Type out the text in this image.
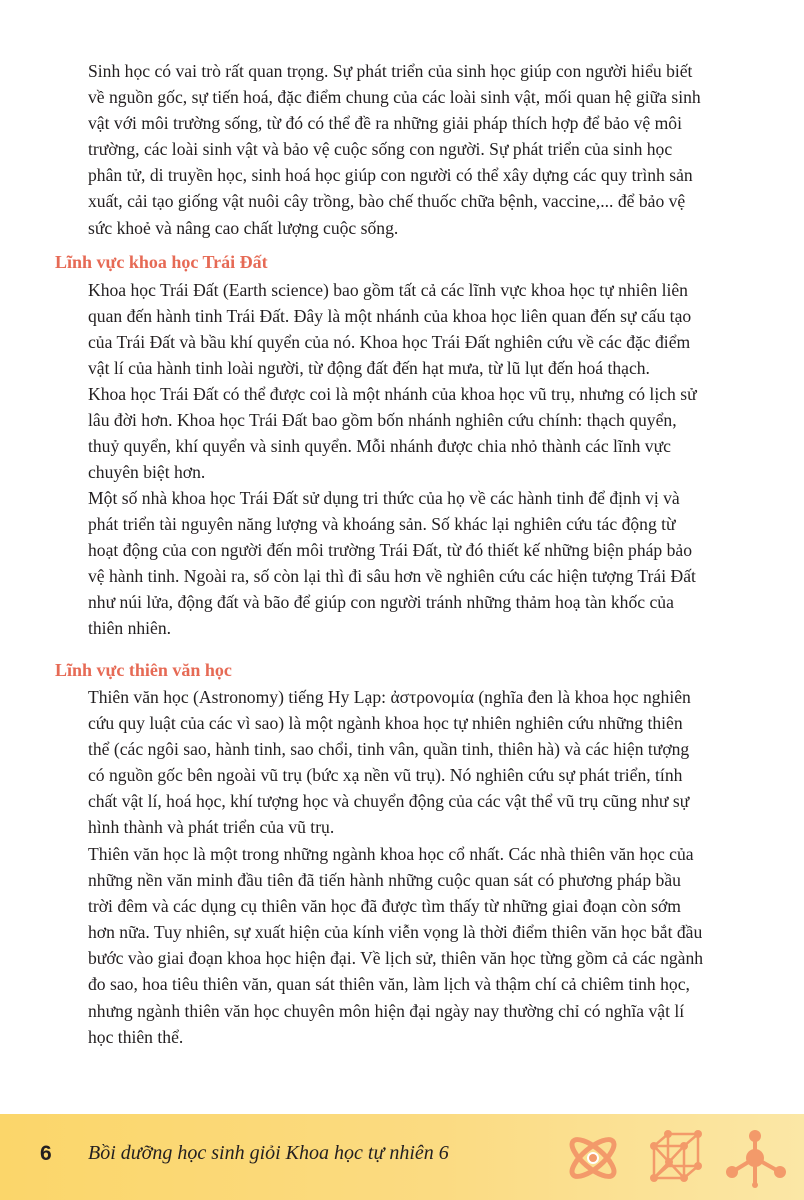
Sinh học có vai trò rất quan trọng. Sự phát triển của sinh học giúp con người hiểu biết
về nguồn gốc, sự tiến hoá, đặc điểm chung của các loài sinh vật, mối quan hệ giữa sinh
vật với môi trường sống, từ đó có thể đề ra những giải pháp thích hợp để bảo vệ môi
trường, các loài sinh vật và bảo vệ cuộc sống con người. Sự phát triển của sinh học
phân tử, di truyền học, sinh hoá học giúp con người có thể xây dựng các quy trình sản
xuất, cải tạo giống vật nuôi cây trồng, bào chế thuốc chữa bệnh, vaccine,... để bảo vệ
sức khoẻ và nâng cao chất lượng cuộc sống.
Lĩnh vực khoa học Trái Đất
Khoa học Trái Đất (Earth science) bao gồm tất cả các lĩnh vực khoa học tự nhiên liên
quan đến hành tinh Trái Đất. Đây là một nhánh của khoa học liên quan đến sự cấu tạo
của Trái Đất và bầu khí quyển của nó. Khoa học Trái Đất nghiên cứu về các đặc điểm
vật lí của hành tinh loài người, từ động đất đến hạt mưa, từ lũ lụt đến hoá thạch.
Khoa học Trái Đất có thể được coi là một nhánh của khoa học vũ trụ, nhưng có lịch sử
lâu đời hơn. Khoa học Trái Đất bao gồm bốn nhánh nghiên cứu chính: thạch quyển,
thuỷ quyển, khí quyển và sinh quyển. Mỗi nhánh được chia nhỏ thành các lĩnh vực
chuyên biệt hơn.
Một số nhà khoa học Trái Đất sử dụng tri thức của họ về các hành tinh để định vị và
phát triển tài nguyên năng lượng và khoáng sản. Số khác lại nghiên cứu tác động từ
hoạt động của con người đến môi trường Trái Đất, từ đó thiết kế những biện pháp bảo
vệ hành tinh. Ngoài ra, số còn lại thì đi sâu hơn về nghiên cứu các hiện tượng Trái Đất
như núi lửa, động đất và bão để giúp con người tránh những thảm hoạ tàn khốc của
thiên nhiên.
Lĩnh vực thiên văn học
Thiên văn học (Astronomy) tiếng Hy Lạp: ἀστρονομία (nghĩa đen là khoa học nghiên
cứu quy luật của các vì sao) là một ngành khoa học tự nhiên nghiên cứu những thiên
thể (các ngôi sao, hành tinh, sao chổi, tinh vân, quần tinh, thiên hà) và các hiện tượng
có nguồn gốc bên ngoài vũ trụ (bức xạ nền vũ trụ). Nó nghiên cứu sự phát triển, tính
chất vật lí, hoá học, khí tượng học và chuyển động của các vật thể vũ trụ cũng như sự
hình thành và phát triển của vũ trụ.
Thiên văn học là một trong những ngành khoa học cổ nhất. Các nhà thiên văn học của
những nền văn minh đầu tiên đã tiến hành những cuộc quan sát có phương pháp bầu
trời đêm và các dụng cụ thiên văn học đã được tìm thấy từ những giai đoạn còn sớm
hơn nữa. Tuy nhiên, sự xuất hiện của kính viễn vọng là thời điểm thiên văn học bắt đầu
bước vào giai đoạn khoa học hiện đại. Về lịch sử, thiên văn học từng gồm cả các ngành
đo sao, hoa tiêu thiên văn, quan sát thiên văn, làm lịch và thậm chí cả chiêm tinh học,
nhưng ngành thiên văn học chuyên môn hiện đại ngày nay thường chỉ có nghĩa vật lí
học thiên thể.
6 Bồi dưỡng học sinh giỏi Khoa học tự nhiên 6
